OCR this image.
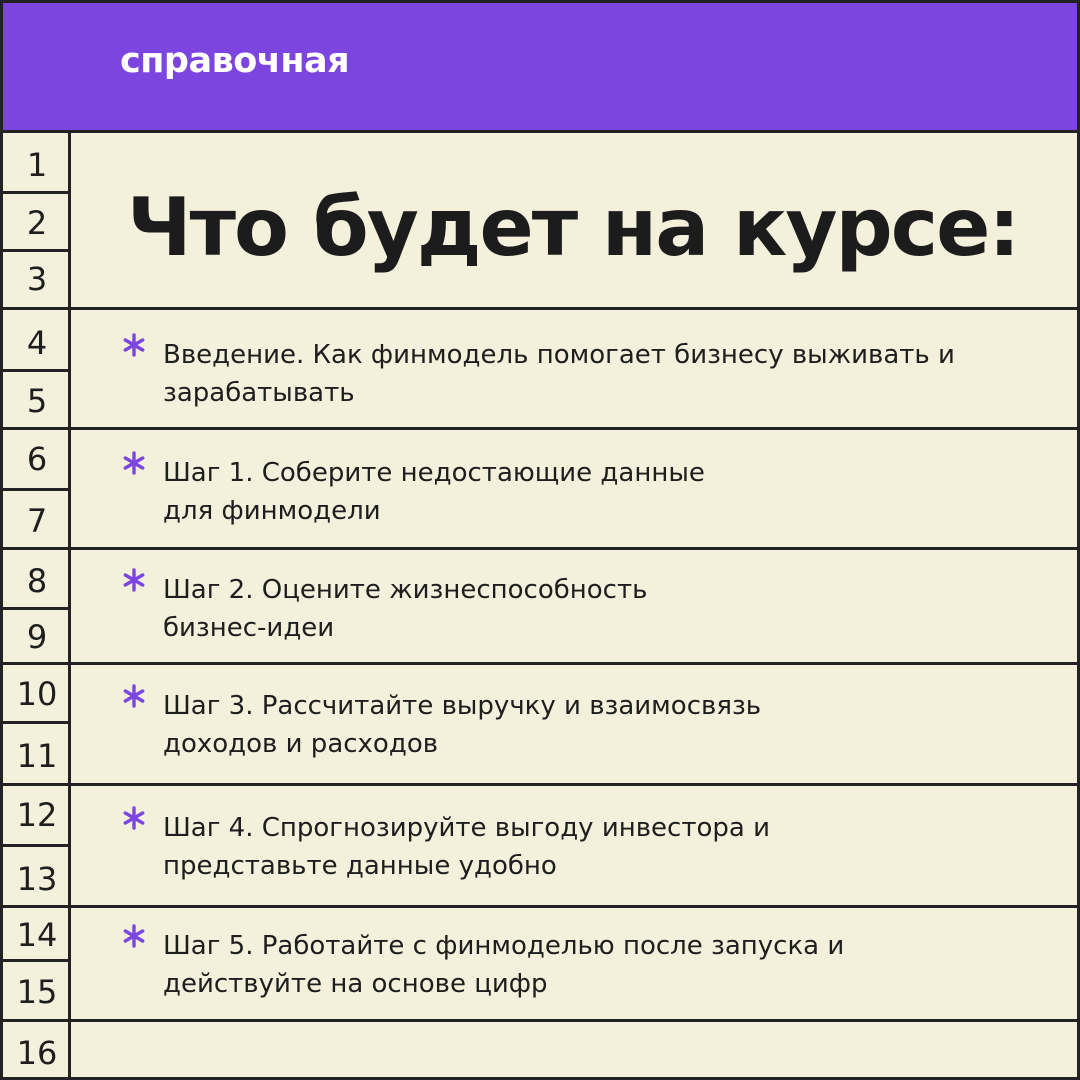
справочная
1
2
3
4
5
6
7
8
9
10
11
12
13
14
15
16
Что будет на курсе:
Введение. Как финмодель помогает бизнесу выживать и зарабатывать
Шаг 1. Соберите недостающие данные для финмодели
Шаг 2. Оцените жизнеспособность бизнес-идеи
Шаг 3. Рассчитайте выручку и взаимосвязь доходов и расходов
Шаг 4. Спрогнозируйте выгоду инвестора и представьте данные удобно
Шаг 5. Работайте с финмоделью после запуска и действуйте на основе цифр
